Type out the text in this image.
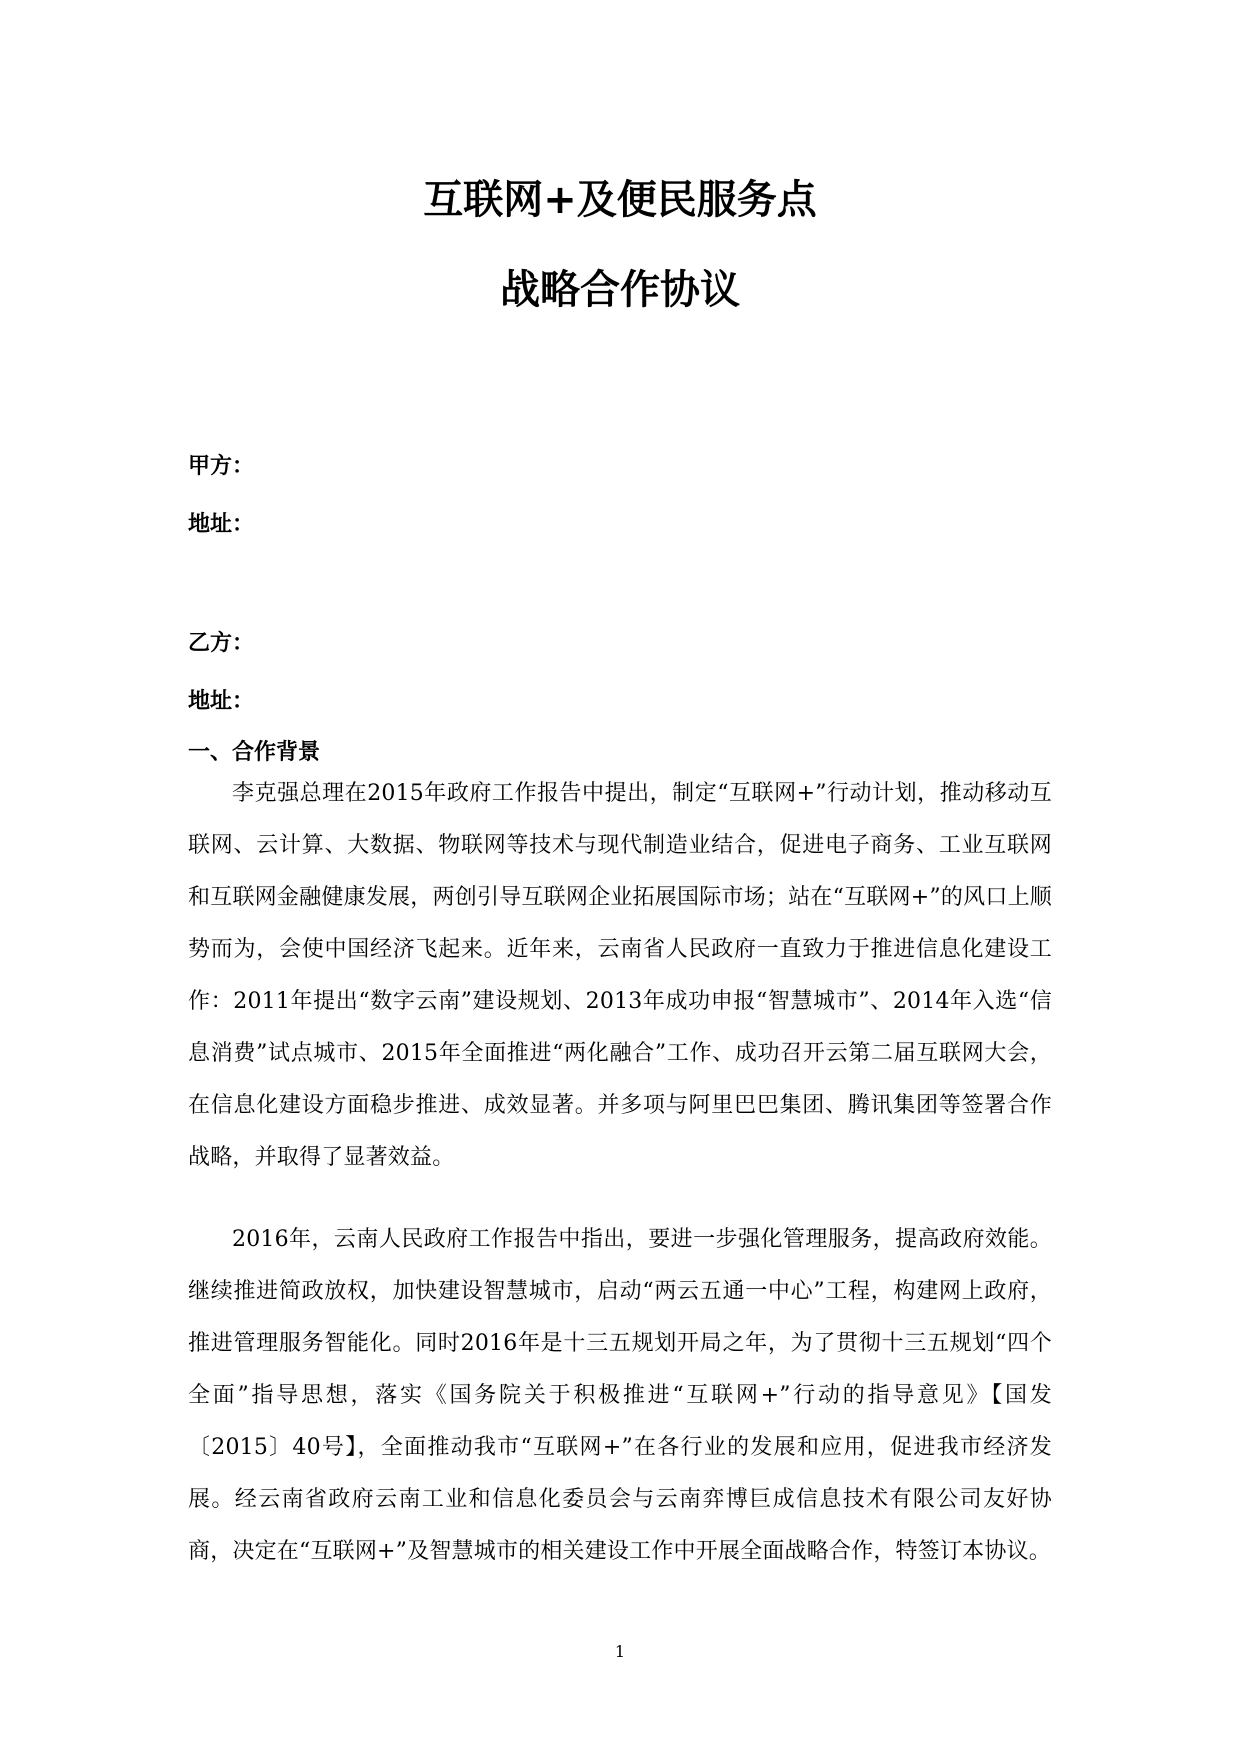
互联网+及便民服务点
战略合作协议

甲方：

地址：

乙方：

地址：

一、合作背景

李克强总理在2015年政府工作报告中提出，制定“互联网+”行动计划，推动移动互联网、云计算、大数据、物联网等技术与现代制造业结合，促进电子商务、工业互联网和互联网金融健康发展，两创引导互联网企业拓展国际市场；站在“互联网+”的风口上顺势而为，会使中国经济飞起来。近年来，云南省人民政府一直致力于推进信息化建设工作：2011年提出“数字云南”建设规划、2013年成功申报“智慧城市”、2014年入选“信息消费”试点城市、2015年全面推进“两化融合”工作、成功召开云第二届互联网大会，在信息化建设方面稳步推进、成效显著。并多项与阿里巴巴集团、腾讯集团等签署合作战略，并取得了显著效益。

2016年，云南人民政府工作报告中指出，要进一步强化管理服务，提高政府效能。继续推进简政放权，加快建设智慧城市，启动“两云五通一中心”工程，构建网上政府，推进管理服务智能化。同时2016年是十三五规划开局之年，为了贯彻十三五规划“四个全面”指导思想，落实《国务院关于积极推进“互联网+”行动的指导意见》【国发〔2015〕40号】，全面推动我市“互联网+”在各行业的发展和应用，促进我市经济发展。经云南省政府云南工业和信息化委员会与云南弈博巨成信息技术有限公司友好协商，决定在“互联网+”及智慧城市的相关建设工作中开展全面战略合作，特签订本协议。

1
